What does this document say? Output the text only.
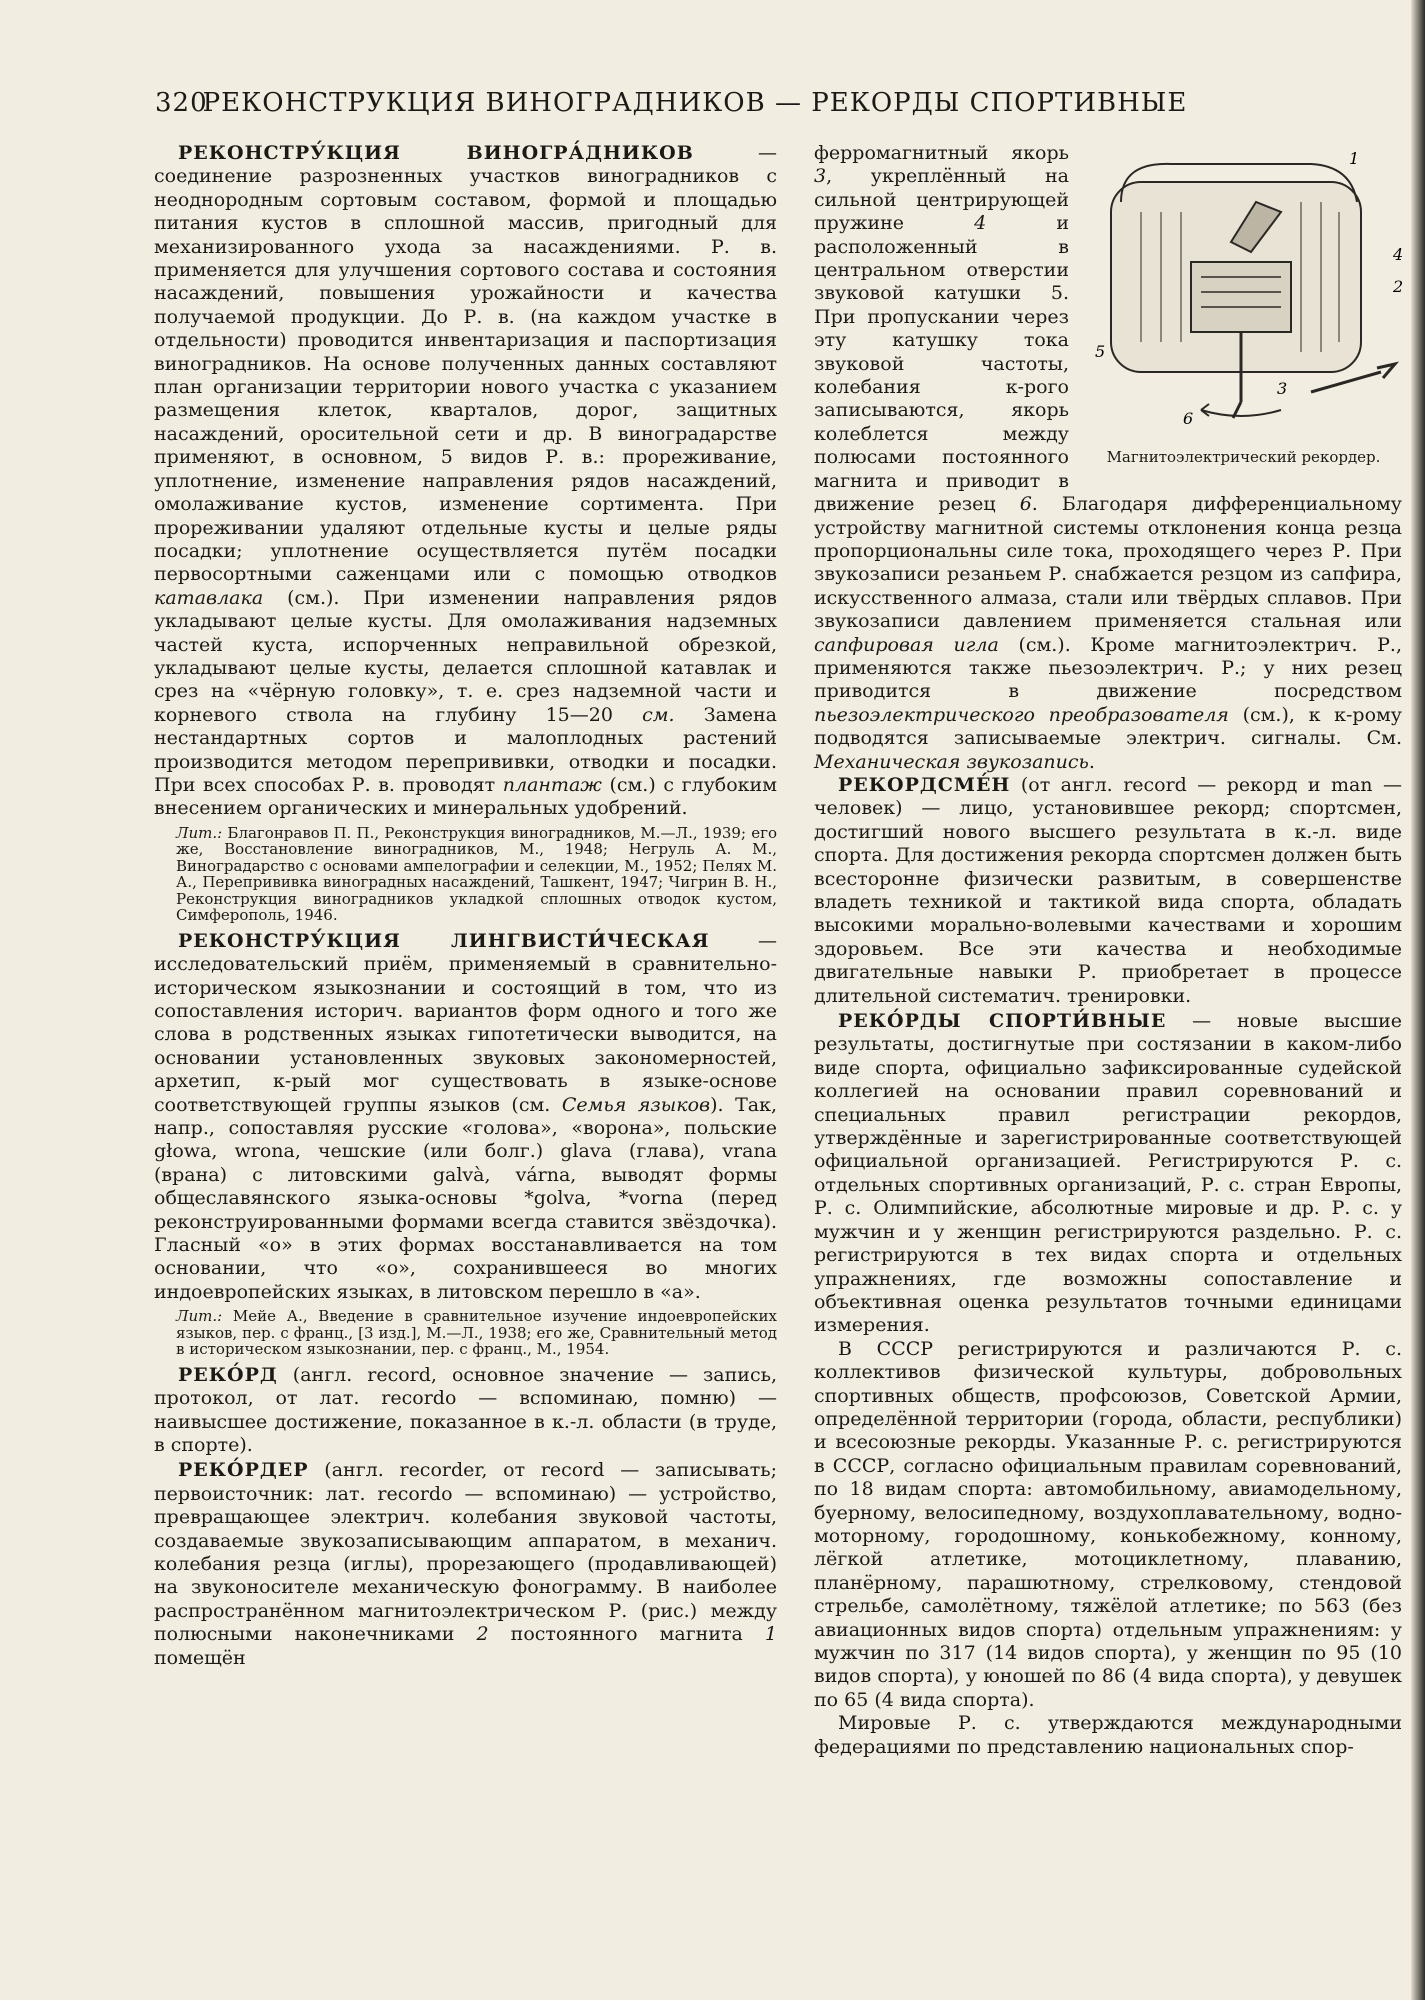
320
РЕКОНСТРУКЦИЯ ВИНОГРАДНИКОВ — РЕКОРДЫ СПОРТИВНЫЕ

РЕКОНСТРУ́КЦИЯ ВИНОГРА́ДНИКОВ — соединение разрозненных участков виноградников с неоднородным сортовым составом, формой и площадью питания кустов в сплошной массив, пригодный для механизированного ухода за насаждениями. Р. в. применяется для улучшения сортового состава и состояния насаждений, повышения урожайности и качества получаемой продукции. До Р. в. (на каждом участке в отдельности) проводится инвентаризация и паспортизация виноградников. На основе полученных данных составляют план организации территории нового участка с указанием размещения клеток, кварталов, дорог, защитных насаждений, оросительной сети и др. В виноградарстве применяют, в основном, 5 видов Р. в.: прореживание, уплотнение, изменение направления рядов насаждений, омолаживание кустов, изменение сортимента. При прореживании удаляют отдельные кусты и целые ряды посадки; уплотнение осуществляется путём посадки первосортными саженцами или с помощью отводков катавлака (см.). При изменении направления рядов укладывают целые кусты. Для омолаживания надземных частей куста, испорченных неправильной обрезкой, укладывают целые кусты, делается сплошной катавлак и срез на «чёрную головку», т. е. срез надземной части и корневого ствола на глубину 15—20 см. Замена нестандартных сортов и малоплодных растений производится методом перепрививки, отводки и посадки. При всех способах Р. в. проводят плантаж (см.) с глубоким внесением органических и минеральных удобрений.

Лит.: Благонравов П. П., Реконструкция виноградников, М.—Л., 1939; его же, Восстановление виноградников, М., 1948; Негруль А. М., Виноградарство с основами ампелографии и селекции, М., 1952; Пелях М. А., Перепрививка виноградных насаждений, Ташкент, 1947; Чигрин В. Н., Реконструкция виноградников укладкой сплошных отводок кустом, Симферополь, 1946.

РЕКОНСТРУ́КЦИЯ ЛИНГВИСТИ́ЧЕСКАЯ — исследовательский приём, применяемый в сравнительно-историческом языкознании и состоящий в том, что из сопоставления историч. вариантов форм одного и того же слова в родственных языках гипотетически выводится, на основании установленных звуковых закономерностей, архетип, к-рый мог существовать в языке-основе соответствующей группы языков (см. Семья языков). Так, напр., сопоставляя русские «голова», «ворона», польские głowa, wrona, чешские (или болг.) glava (глава), vrana (врана) с литовскими galvà, várna, выводят формы общеславянского языка-основы *golva, *vorna (перед реконструированными формами всегда ставится звёздочка). Гласный «о» в этих формах восстанавливается на том основании, что «о», сохранившееся во многих индоевропейских языках, в литовском перешло в «а».

Лит.: Мейе А., Введение в сравнительное изучение индоевропейских языков, пер. с франц., [3 изд.], М.—Л., 1938; его же, Сравнительный метод в историческом языкознании, пер. с франц., М., 1954.

РЕКО́РД (англ. record, основное значение — запись, протокол, от лат. recordo — вспоминаю, помню) — наивысшее достижение, показанное в к.-л. области (в труде, в спорте).

РЕКО́РДЕР (англ. recorder, от record — записывать; первоисточник: лат. recordo — вспоминаю) — устройство, превращающее электрич. колебания звуковой частоты, создаваемые звукозаписывающим аппаратом, в механич. колебания резца (иглы), прорезающего (продавливающей) на звуконосителе механическую фонограмму. В наиболее распространённом магнитоэлектрическом Р. (рис.) между полюсными наконечниками 2 постоянного магнита 1 помещён

1
4
2
5
6
3
Магнитоэлектрический рекордер.

ферромагнитный якорь 3, укреплённый на сильной центрирующей пружине 4 и расположенный в центральном отверстии звуковой катушки 5. При пропускании через эту катушку тока звуковой частоты, колебания к-рого записываются, якорь колеблется между полюсами постоянного магнита и приводит в движение резец 6. Благодаря дифференциальному устройству магнитной системы отклонения конца резца пропорциональны силе тока, проходящего через Р. При звукозаписи резаньем Р. снабжается резцом из сапфира, искусственного алмаза, стали или твёрдых сплавов. При звукозаписи давлением применяется стальная или сапфировая игла (см.). Кроме магнитоэлектрич. Р., применяются также пьезоэлектрич. Р.; у них резец приводится в движение посредством пьезоэлектрического преобразователя (см.), к к-рому подводятся записываемые электрич. сигналы. См. Механическая звукозапись.

РЕКОРДСМЕ́Н (от англ. record — рекорд и man — человек) — лицо, установившее рекорд; спортсмен, достигший нового высшего результата в к.-л. виде спорта. Для достижения рекорда спортсмен должен быть всесторонне физически развитым, в совершенстве владеть техникой и тактикой вида спорта, обладать высокими морально-волевыми качествами и хорошим здоровьем. Все эти качества и необходимые двигательные навыки Р. приобретает в процессе длительной систематич. тренировки.

РЕКО́РДЫ СПОРТИ́ВНЫЕ — новые высшие результаты, достигнутые при состязании в каком-либо виде спорта, официально зафиксированные судейской коллегией на основании правил соревнований и специальных правил регистрации рекордов, утверждённые и зарегистрированные соответствующей официальной организацией. Регистрируются Р. с. отдельных спортивных организаций, Р. с. стран Европы, Р. с. Олимпийские, абсолютные мировые и др. Р. с. у мужчин и у женщин регистрируются раздельно. Р. с. регистрируются в тех видах спорта и отдельных упражнениях, где возможны сопоставление и объективная оценка результатов точными единицами измерения.

В СССР регистрируются и различаются Р. с. коллективов физической культуры, добровольных спортивных обществ, профсоюзов, Советской Армии, определённой территории (города, области, республики) и всесоюзные рекорды. Указанные Р. с. регистрируются в СССР, согласно официальным правилам соревнований, по 18 видам спорта: автомобильному, авиамодельному, буерному, велосипедному, воздухоплавательному, водно-моторному, городошному, конькобежному, конному, лёгкой атлетике, мотоциклетному, плаванию, планёрному, парашютному, стрелковому, стендовой стрельбе, самолётному, тяжёлой атлетике; по 563 (без авиационных видов спорта) отдельным упражнениям: у мужчин по 317 (14 видов спорта), у женщин по 95 (10 видов спорта), у юношей по 86 (4 вида спорта), у девушек по 65 (4 вида спорта).

Мировые Р. с. утверждаются международными федерациями по представлению национальных спор-
